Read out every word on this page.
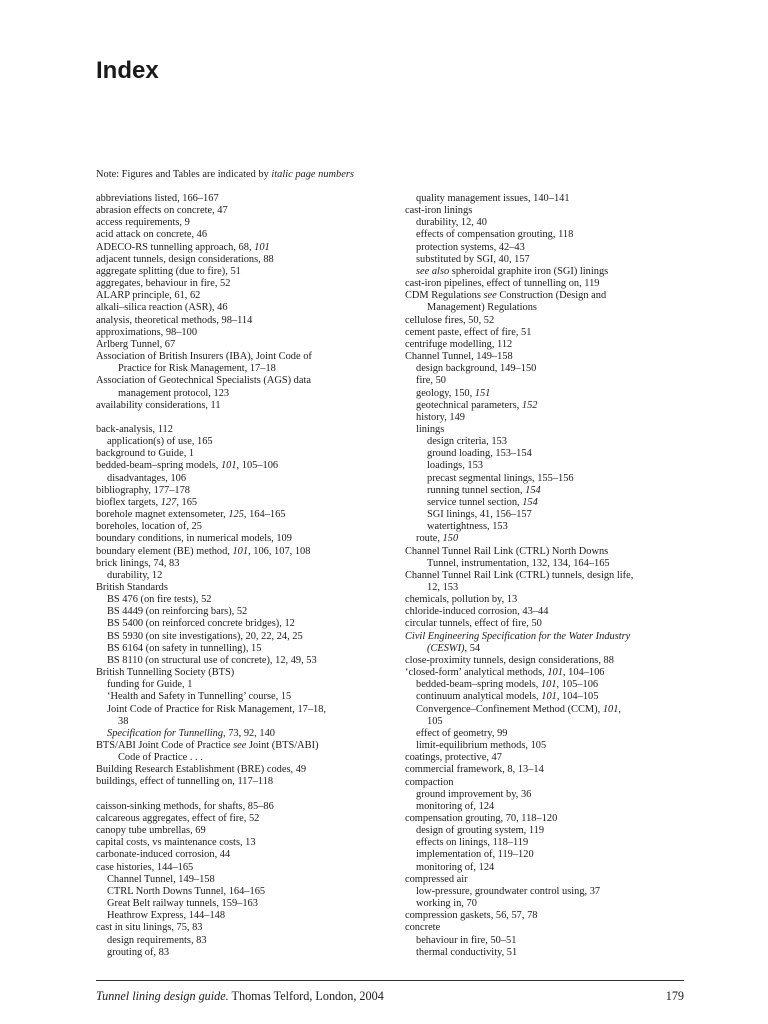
Index
Note: Figures and Tables are indicated by italic page numbers
abbreviations listed, 166–167
abrasion effects on concrete, 47
access requirements, 9
acid attack on concrete, 46
ADECO-RS tunnelling approach, 68, 101
adjacent tunnels, design considerations, 88
aggregate splitting (due to fire), 51
aggregates, behaviour in fire, 52
ALARP principle, 61, 62
alkali–silica reaction (ASR), 46
analysis, theoretical methods, 98–114
approximations, 98–100
Arlberg Tunnel, 67
Association of British Insurers (IBA), Joint Code of
Practice for Risk Management, 17–18
Association of Geotechnical Specialists (AGS) data
management protocol, 123
availability considerations, 11
back-analysis, 112
application(s) of use, 165
background to Guide, 1
bedded-beam–spring models, 101, 105–106
disadvantages, 106
bibliography, 177–178
bioflex targets, 127, 165
borehole magnet extensometer, 125, 164–165
boreholes, location of, 25
boundary conditions, in numerical models, 109
boundary element (BE) method, 101, 106, 107, 108
brick linings, 74, 83
durability, 12
British Standards
BS 476 (on fire tests), 52
BS 4449 (on reinforcing bars), 52
BS 5400 (on reinforced concrete bridges), 12
BS 5930 (on site investigations), 20, 22, 24, 25
BS 6164 (on safety in tunnelling), 15
BS 8110 (on structural use of concrete), 12, 49, 53
British Tunnelling Society (BTS)
funding for Guide, 1
‘Health and Safety in Tunnelling’ course, 15
Joint Code of Practice for Risk Management, 17–18,
38
Specification for Tunnelling, 73, 92, 140
BTS/ABI Joint Code of Practice see Joint (BTS/ABI)
Code of Practice . . .
Building Research Establishment (BRE) codes, 49
buildings, effect of tunnelling on, 117–118
caisson-sinking methods, for shafts, 85–86
calcareous aggregates, effect of fire, 52
canopy tube umbrellas, 69
capital costs, vs maintenance costs, 13
carbonate-induced corrosion, 44
case histories, 144–165
Channel Tunnel, 149–158
CTRL North Downs Tunnel, 164–165
Great Belt railway tunnels, 159–163
Heathrow Express, 144–148
cast in situ linings, 75, 83
design requirements, 83
grouting of, 83
quality management issues, 140–141
cast-iron linings
durability, 12, 40
effects of compensation grouting, 118
protection systems, 42–43
substituted by SGI, 40, 157
see also spheroidal graphite iron (SGI) linings
cast-iron pipelines, effect of tunnelling on, 119
CDM Regulations see Construction (Design and
Management) Regulations
cellulose fires, 50, 52
cement paste, effect of fire, 51
centrifuge modelling, 112
Channel Tunnel, 149–158
design background, 149–150
fire, 50
geology, 150, 151
geotechnical parameters, 152
history, 149
linings
design criteria, 153
ground loading, 153–154
loadings, 153
precast segmental linings, 155–156
running tunnel section, 154
service tunnel section, 154
SGI linings, 41, 156–157
watertightness, 153
route, 150
Channel Tunnel Rail Link (CTRL) North Downs
Tunnel, instrumentation, 132, 134, 164–165
Channel Tunnel Rail Link (CTRL) tunnels, design life,
12, 153
chemicals, pollution by, 13
chloride-induced corrosion, 43–44
circular tunnels, effect of fire, 50
Civil Engineering Specification for the Water Industry
(CESWI), 54
close-proximity tunnels, design considerations, 88
‘closed-form’ analytical methods, 101, 104–106
bedded-beam–spring models, 101, 105–106
continuum analytical models, 101, 104–105
Convergence–Confinement Method (CCM), 101,
105
effect of geometry, 99
limit-equilibrium methods, 105
coatings, protective, 47
commercial framework, 8, 13–14
compaction
ground improvement by, 36
monitoring of, 124
compensation grouting, 70, 118–120
design of grouting system, 119
effects on linings, 118–119
implementation of, 119–120
monitoring of, 124
compressed air
low-pressure, groundwater control using, 37
working in, 70
compression gaskets, 56, 57, 78
concrete
behaviour in fire, 50–51
thermal conductivity, 51
Tunnel lining design guide. Thomas Telford, London, 2004	179
